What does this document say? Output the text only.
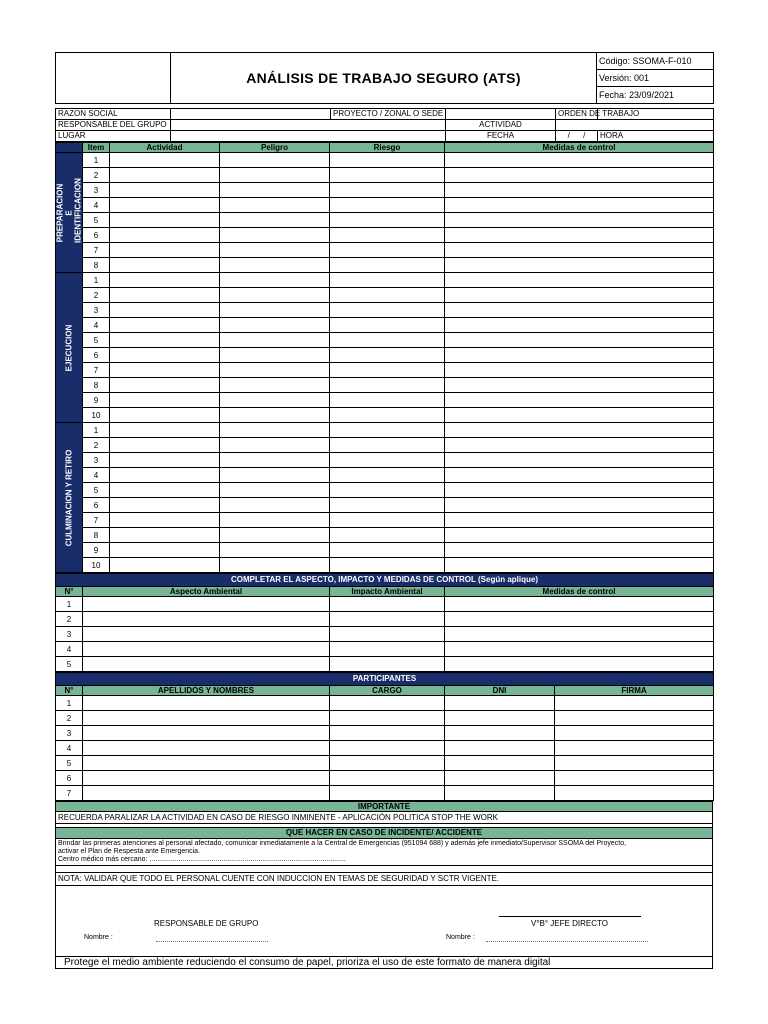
	ANÁLISIS DE TRABAJO SEGURO (ATS)	Código: SSOMA-F-010
Versión: 001
Fecha: 23/09/2021
RAZON SOCIAL		PROYECTO / ZONAL O SEDE		ORDEN DE TRABAJO	
RESPONSABLE DEL GRUPO			ACTIVIDAD		
LUGAR			FECHA	/ /	HORA
	Item	Actividad	Peligro	Riesgo	Medidas de control

PREPARACION E IDENTIFICACION	1				
	2				
	3				
	4				
	5				
	6				
	7				
	8				

EJECUCION	1				
	2				
	3				
	4				
	5				
	6				
	7				
	8				
	9				
	10				

CULMINACION Y RETIRO	1				
	2				
	3				
	4				
	5				
	6				
	7				
	8				
	9				
	10				
COMPLETAR EL ASPECTO, IMPACTO Y MEDIDAS DE CONTROL (Según aplique)			
N°	Aspecto Ambiental	Impacto Ambiental	Medidas de control
1			
2			
3			
4			
5			
PARTICIPANTES				
N°	APELLIDOS Y NOMBRES	CARGO	DNI	FIRMA
1				
2				
3				
4				
5				
6				
7				
IMPORTANTE
RECUERDA PARALIZAR LA ACTIVIDAD EN CASO DE RIESGO INMINENTE - APLICACIÓN POLITICA STOP THE WORK

QUE HACER EN CASO DE INCIDENTE/ ACCIDENTE

Brindar las primeras atenciones al personal afectado, comunicar inmediatamente a la Central de Emergencias (951094 688) y además jefe inmediato/Supervisor SSOMA del Proyecto,
activar el Plan de Respesta ante Emergencia.
Centro médico más cercano: .....................................................................................................

NOTA: VALIDAR QUE TODO EL PERSONAL CUENTE CON INDUCCION EN TEMAS DE SEGURIDAD Y SCTR VIGENTE.
RESPONSABLE DE GRUPO	V°B° JEFE DIRECTO
Nombre :	Nombre :
Protege el medio ambiente reduciendo el consumo de papel, prioriza el uso de este formato de manera digital
